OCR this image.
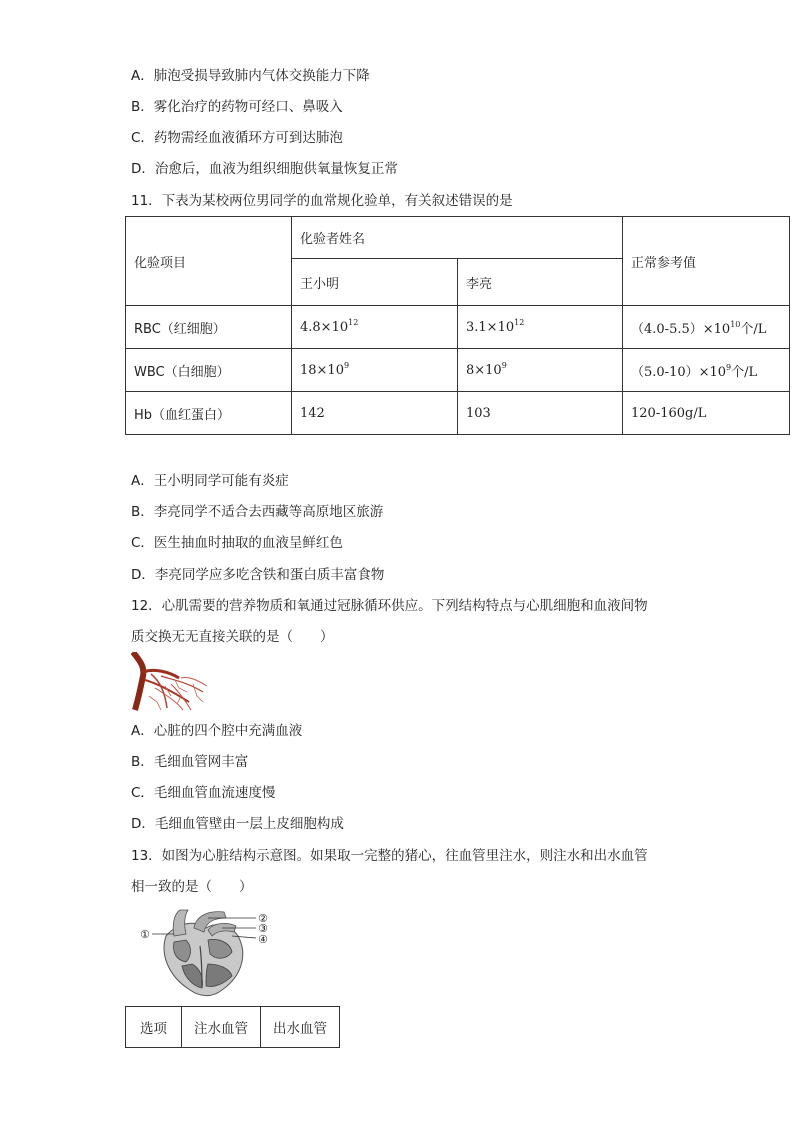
A．肺泡受损导致肺内气体交换能力下降
B．雾化治疗的药物可经口、鼻吸入
C．药物需经血液循环方可到达肺泡
D．治愈后，血液为组织细胞供氧量恢复正常
11．下表为某校两位男同学的血常规化验单，有关叙述错误的是
化验项目	化验者姓名		正常参考值
	王小明	李亮	
RBC（红细胞）	$4.8\times 10^{12}$	$3.1\times 10^{12}$	$(4.0-5.5)\times 10^{10}$个/L
WBC（白细胞）	$18\times 10^9$	$8\times 10^9$	$(5.0-10)\times 10^9$个/L
Hb（血红蛋白）	142	103	120-160g/L
A．王小明同学可能有炎症
B．李亮同学不适合去西藏等高原地区旅游
C．医生抽血时抽取的血液呈鲜红色
D．李亮同学应多吃含铁和蛋白质丰富食物
12．心肌需要的营养物质和氧通过冠脉循环供应。下列结构特点与心肌细胞和血液间物
质交换无无直接关联的是（　　）
A．心脏的四个腔中充满血液
B．毛细血管网丰富
C．毛细血管血流速度慢
D．毛细血管壁由一层上皮细胞构成
13．如图为心脏结构示意图。如果取一完整的猪心，往血管里注水，则注水和出水血管
相一致的是（　　）
①
②
③
④
选项	注水血管	出水血管
